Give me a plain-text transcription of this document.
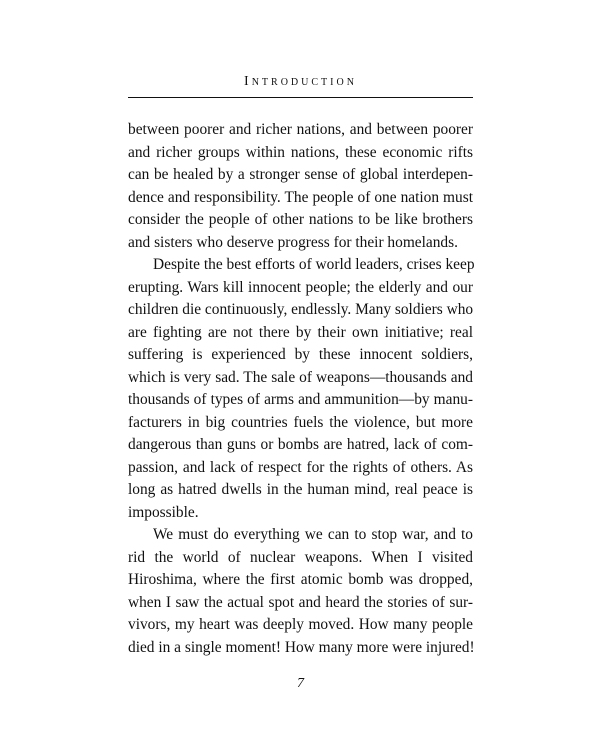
Introduction

between poorer and richer nations, and between poorer
and richer groups within nations, these economic rifts
can be healed by a stronger sense of global interdepen-
dence and responsibility. The people of one nation must
consider the people of other nations to be like brothers
and sisters who deserve progress for their homelands.

Despite the best efforts of world leaders, crises keep
erupting. Wars kill innocent people; the elderly and our
children die continuously, endlessly. Many soldiers who
are fighting are not there by their own initiative; real
suffering is experienced by these innocent soldiers,
which is very sad. The sale of weapons—thousands and
thousands of types of arms and ammunition—by manu-
facturers in big countries fuels the violence, but more
dangerous than guns or bombs are hatred, lack of com-
passion, and lack of respect for the rights of others. As
long as hatred dwells in the human mind, real peace is
impossible.

We must do everything we can to stop war, and to
rid the world of nuclear weapons. When I visited
Hiroshima, where the first atomic bomb was dropped,
when I saw the actual spot and heard the stories of sur-
vivors, my heart was deeply moved. How many people
died in a single moment! How many more were injured!

7
